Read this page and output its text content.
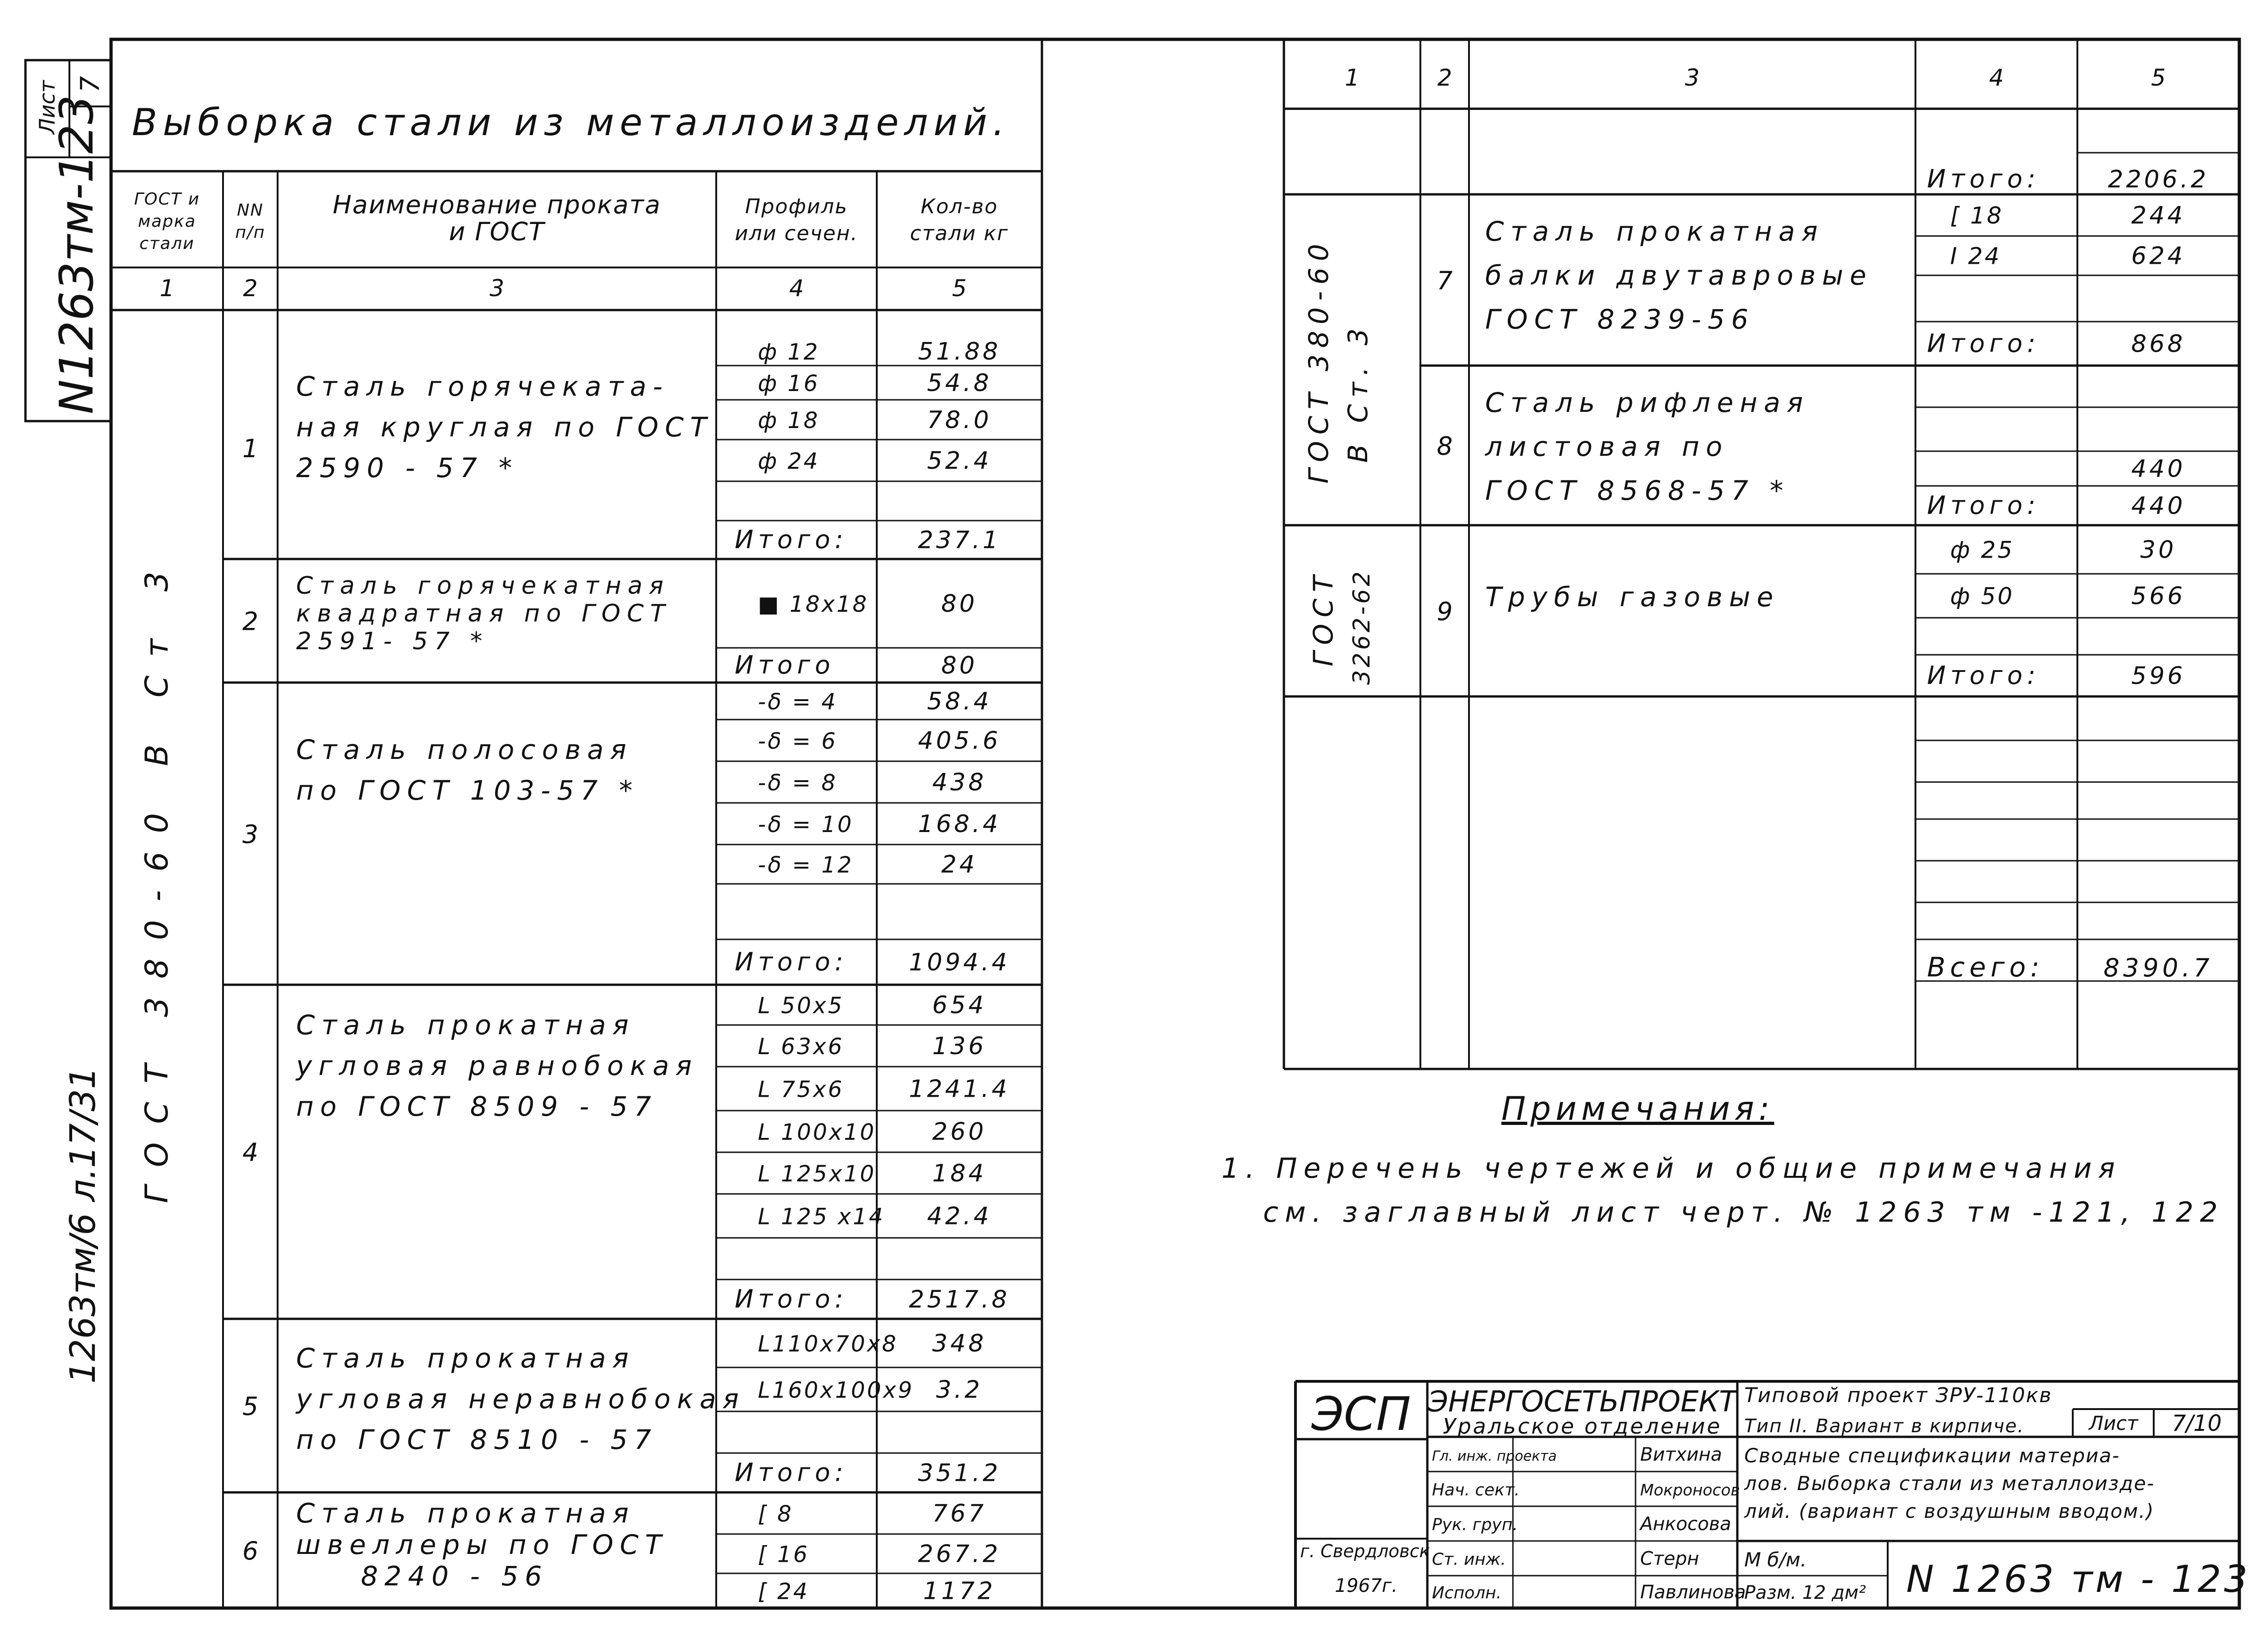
Лист 7
N1263тм-123
1263тм/6 л.17/31
Выборка стали из металлоизделий.
ГОСТ и
марка
стали
NN
п/п
Наименование проката
и ГОСТ
Профиль
или сечен.
Кол-во
стали кг
1	2	3	4	5
ГОСТ 380-60 В Ст 3
1
Сталь горячеката-
ная круглая по ГОСТ
2590 - 57 *
ф 12	51.88
ф 16	54.8
ф 18	78.0
ф 24	52.4
Итого:	237.1
2
Сталь горячекатная
квадратная по ГОСТ
2591- 57 *
■ 18х18	80
Итого	80
3
Сталь полосовая
по ГОСТ 103-57 *
-δ = 4	58.4
-δ = 6	405.6
-δ = 8	438
-δ = 10	168.4
-δ = 12	24
Итого:	1094.4
4
Сталь прокатная
угловая равнобокая
по ГОСТ 8509 - 57
L 50х5	654
L 63х6	136
L 75х6	1241.4
L 100х10 260
L 125х10 184
L 125 х14 42.4
Итого:	2517.8
5
Сталь прокатная
угловая неравнобокая
по ГОСТ 8510 - 57
L110х70х8 348
L160х100х9 3.2
Итого:	351.2
6
Сталь прокатная
швеллеры по ГОСТ
8240 - 56
[ 8	767
[ 16	267.2
[ 24	1172
1	2	3	4	5
Итого:	2206.2
ГОСТ 380-60 В Ст. 3
ГОСТ 3262-62
7
Сталь прокатная
балки двутавровые
ГОСТ 8239-56
[ 18	244
I 24	624
Итого:	868
8
Сталь рифленая
листовая по
ГОСТ 8568-57 *
440
Итого:	440
9 Трубы газовые
ф 25	30
ф 50	566
Итого:	596
Всего: 8390.7
Примечания:
1. Перечень чертежей и общие примечания
см. заглавный лист черт. № 1263 тм -121, 122
ЭСП ЭНЕРГОСЕТЬПРОЕКТ
Уральское отделение
Типовой проект ЗРУ-110кв
Тип II. Вариант в кирпиче.	Лист 7/10
Гл. инж. проекта	Витхина
Нач. сект.	Мокроносов
Рук. груп.	Анкосова
Ст. инж.	Стерн
Исполн.	Павлинова
Сводные спецификации материа-
лов. Выборка стали из металлоизде-
лий. (вариант с воздушным вводом.)
г. Свердловск
1967г.
М б/м.
Разм. 12 дм² N 1263 тм - 123
